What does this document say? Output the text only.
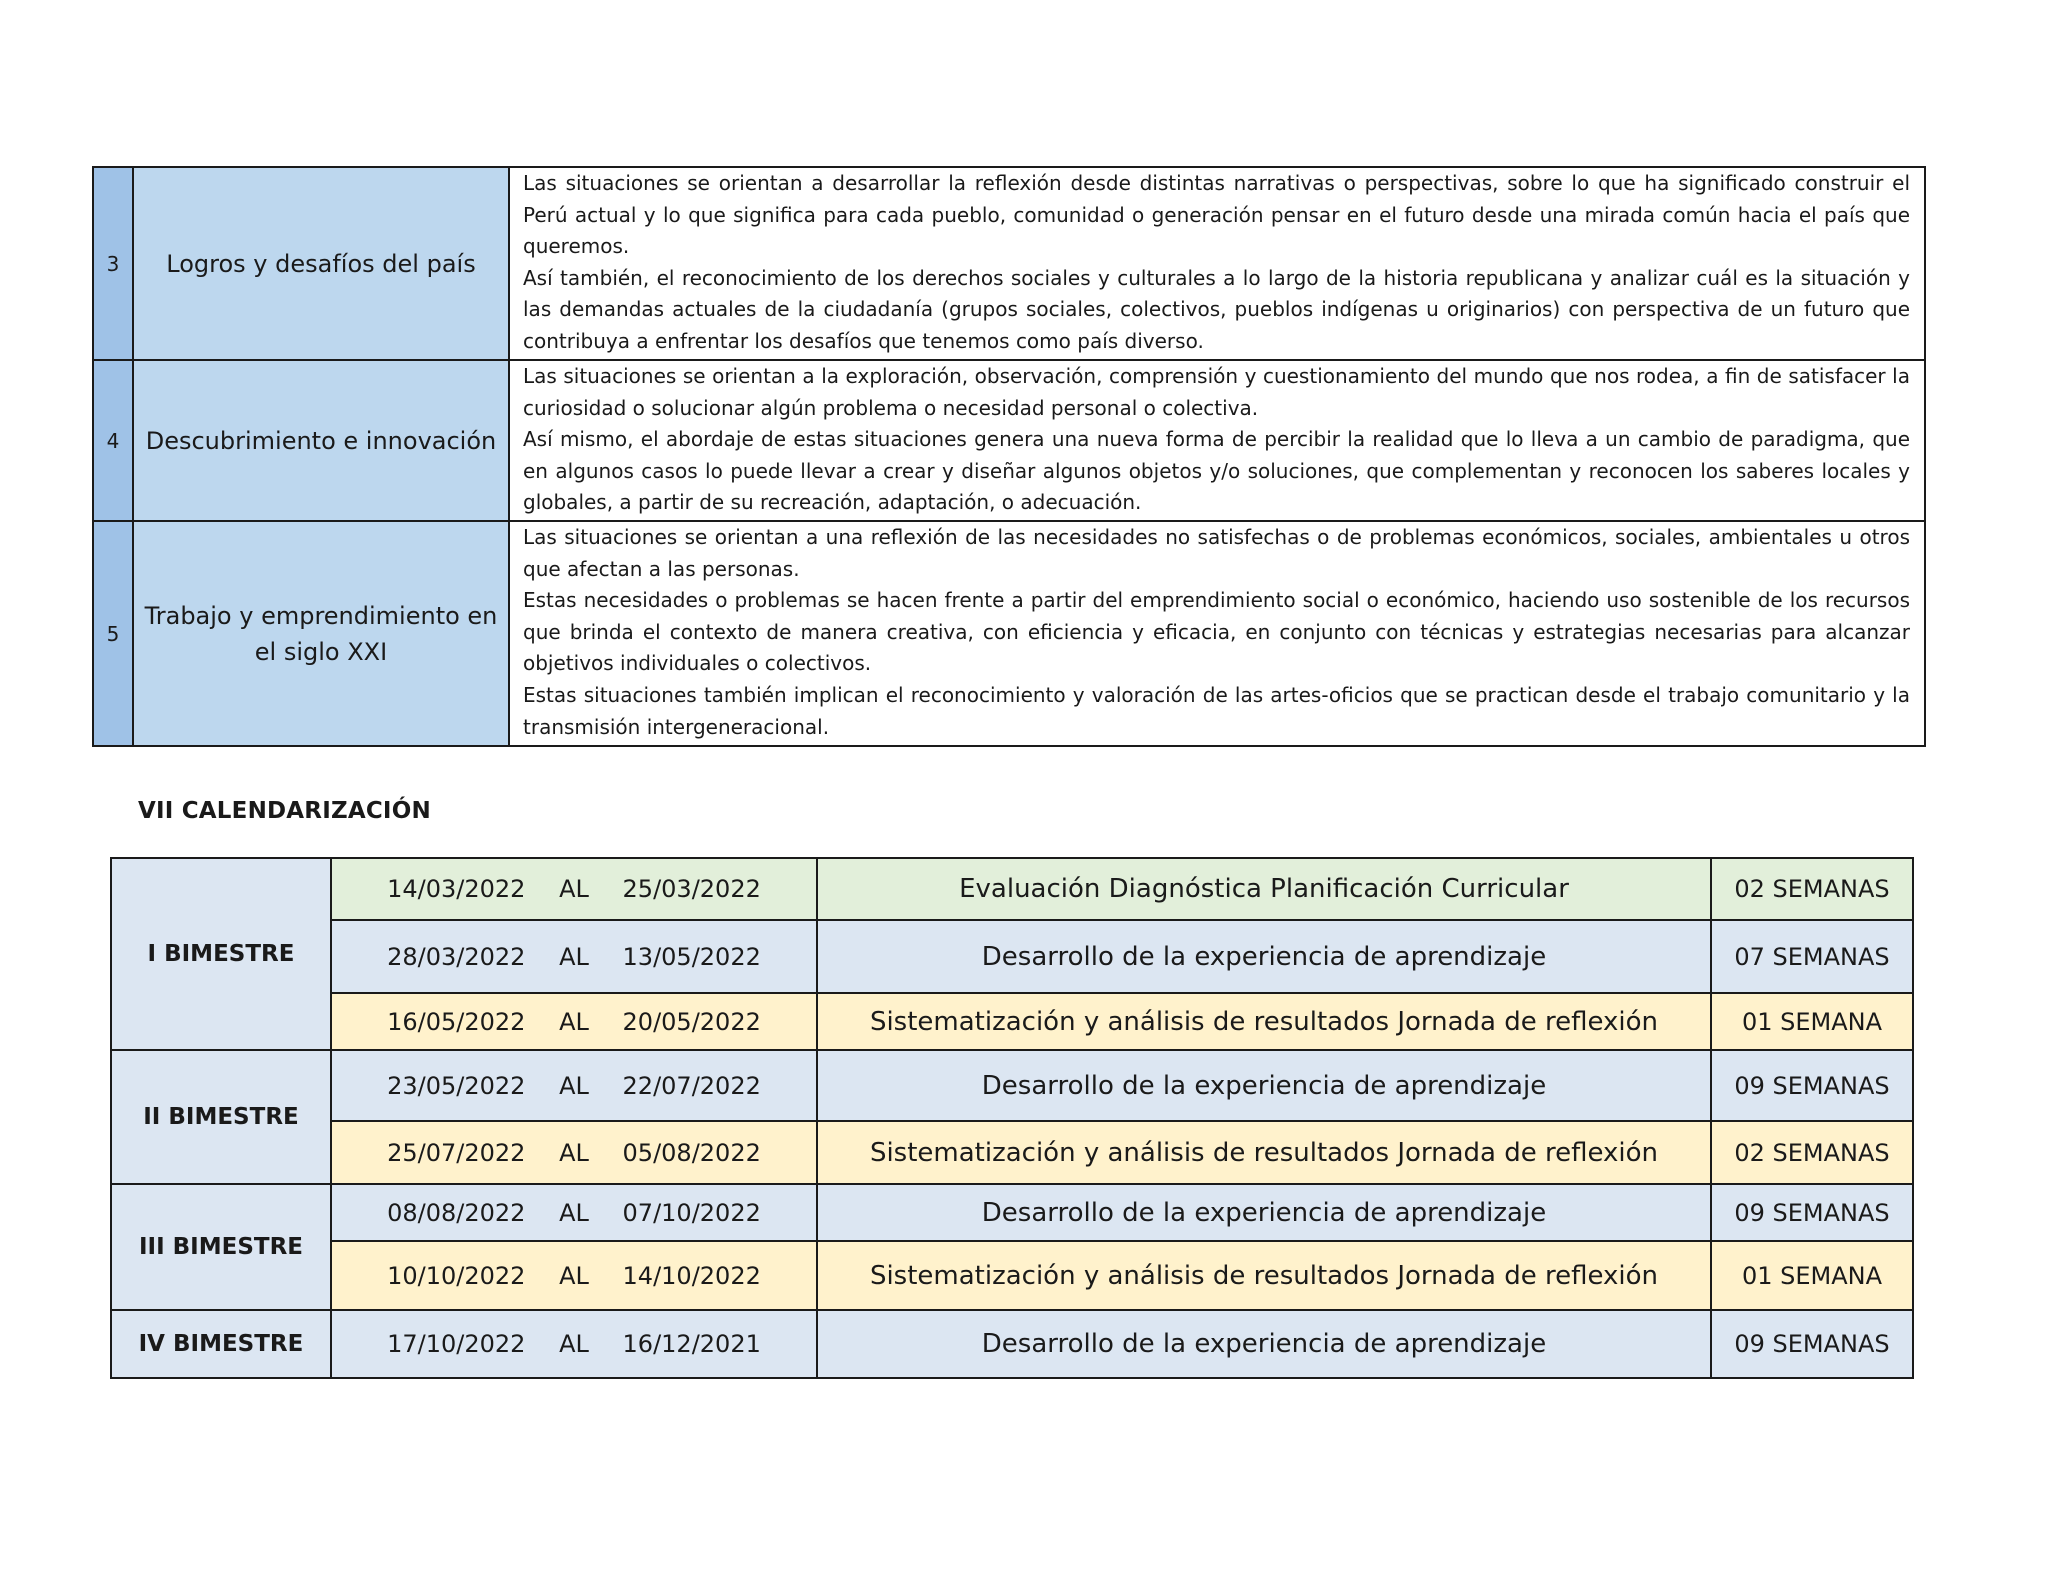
3	Logros y desafíos del país	Las situaciones se orientan a desarrollar la reflexión desde distintas narrativas o perspectivas, sobre lo que ha significado construir el Perú actual y lo que significa para cada pueblo, comunidad o generación pensar en el futuro desde una mirada común hacia el país que queremos.

Así también, el reconocimiento de los derechos sociales y culturales a lo largo de la historia republicana y analizar cuál es la situación y las demandas actuales de la ciudadanía (grupos sociales, colectivos, pueblos indígenas u originarios) con perspectiva de un futuro que contribuya a enfrentar los desafíos que tenemos como país diverso.

4	Descubrimiento e innovación	Las situaciones se orientan a la exploración, observación, comprensión y cuestionamiento del mundo que nos rodea, a fin de satisfacer la curiosidad o solucionar algún problema o necesidad personal o colectiva.

Así mismo, el abordaje de estas situaciones genera una nueva forma de percibir la realidad que lo lleva a un cambio de paradigma, que en algunos casos lo puede llevar a crear y diseñar algunos objetos y/o soluciones, que complementan y reconocen los saberes locales y globales, a partir de su recreación, adaptación, o adecuación.

5	Trabajo y emprendimiento en el siglo XXI	Las situaciones se orientan a una reflexión de las necesidades no satisfechas o de problemas económicos, sociales, ambientales u otros que afectan a las personas.

Estas necesidades o problemas se hacen frente a partir del emprendimiento social o económico, haciendo uso sostenible de los recursos que brinda el contexto de manera creativa, con eficiencia y eficacia, en conjunto con técnicas y estrategias necesarias para alcanzar objetivos individuales o colectivos.

Estas situaciones también implican el reconocimiento y valoración de las artes-oficios que se practican desde el trabajo comunitario y la transmisión intergeneracional.

VII CALENDARIZACIÓN
I BIMESTRE	14/03/2022 AL 25/03/2022	Evaluación Diagnóstica Planificación Curricular	02 SEMANAS
	28/03/2022 AL 13/05/2022	Desarrollo de la experiencia de aprendizaje	07 SEMANAS
	16/05/2022 AL 20/05/2022	Sistematización y análisis de resultados Jornada de reflexión	01 SEMANA
II BIMESTRE	23/05/2022 AL 22/07/2022	Desarrollo de la experiencia de aprendizaje	09 SEMANAS
	25/07/2022 AL 05/08/2022	Sistematización y análisis de resultados Jornada de reflexión	02 SEMANAS
III BIMESTRE	08/08/2022 AL 07/10/2022	Desarrollo de la experiencia de aprendizaje	09 SEMANAS
	10/10/2022 AL 14/10/2022	Sistematización y análisis de resultados Jornada de reflexión	01 SEMANA
IV BIMESTRE	17/10/2022 AL 16/12/2021	Desarrollo de la experiencia de aprendizaje	09 SEMANAS
